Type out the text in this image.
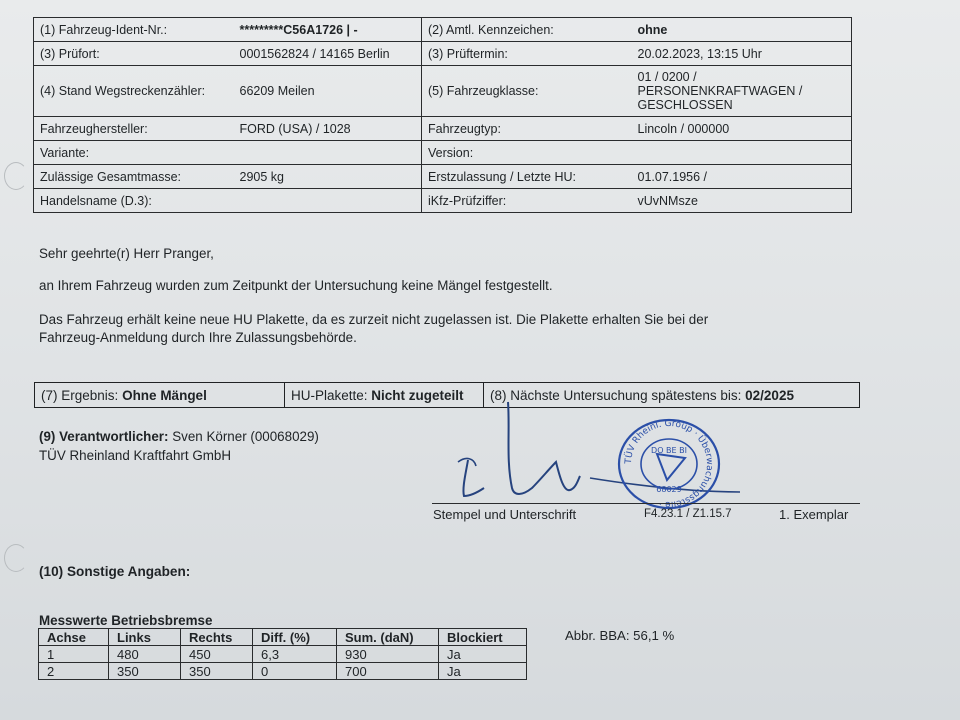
(1) Fahrzeug-Ident-Nr.:	*********C56A1726 | -	(2) Amtl. Kennzeichen:	ohne
(3) Prüfort:	0001562824 / 14165 Berlin	(3) Prüftermin:	20.02.2023, 13:15 Uhr
(4) Stand Wegstreckenzähler:	66209 Meilen	(5) Fahrzeugklasse:	01 / 0200 /
PERSONENKRAFTWAGEN /
GESCHLOSSEN
Fahrzeughersteller:	FORD (USA) / 1028	Fahrzeugtyp:	Lincoln / 000000
Variante:		Version:	
Zulässige Gesamtmasse:	2905 kg	Erstzulassung / Letzte HU:	01.07.1956 /
Handelsname (D.3):		iKfz-Prüfziffer:	vUvNMsze
Sehr geehrte(r) Herr Pranger,
an Ihrem Fahrzeug wurden zum Zeitpunkt der Untersuchung keine Mängel festgestellt.
Das Fahrzeug erhält keine neue HU Plakette, da es zurzeit nicht zugelassen ist. Die Plakette erhalten Sie bei der
Fahrzeug-Anmeldung durch Ihre Zulassungsbehörde.
(7) Ergebnis: Ohne Mängel	HU-Plakette: Nicht zugeteilt	(8) Nächste Untersuchung spätestens bis: 02/2025
(9) Verantwortlicher: Sven Körner (00068029)
TÜV Rheinland Kraftfahrt GmbH	TÜV Rheinl. Group · Überwachungsstelle ·
DO BE BI
68029
Stempel und Unterschrift	F4.23.1 / Z1.15.7	1. Exemplar
(10) Sonstige Angaben:
Messwerte Betriebsbremse
Achse	Links	Rechts	Diff. (%)	Sum. (daN)	Blockiert
1	480	450	6,3	930	Ja
2	350	350	0	700	Ja
Abbr. BBA: 56,1 %
